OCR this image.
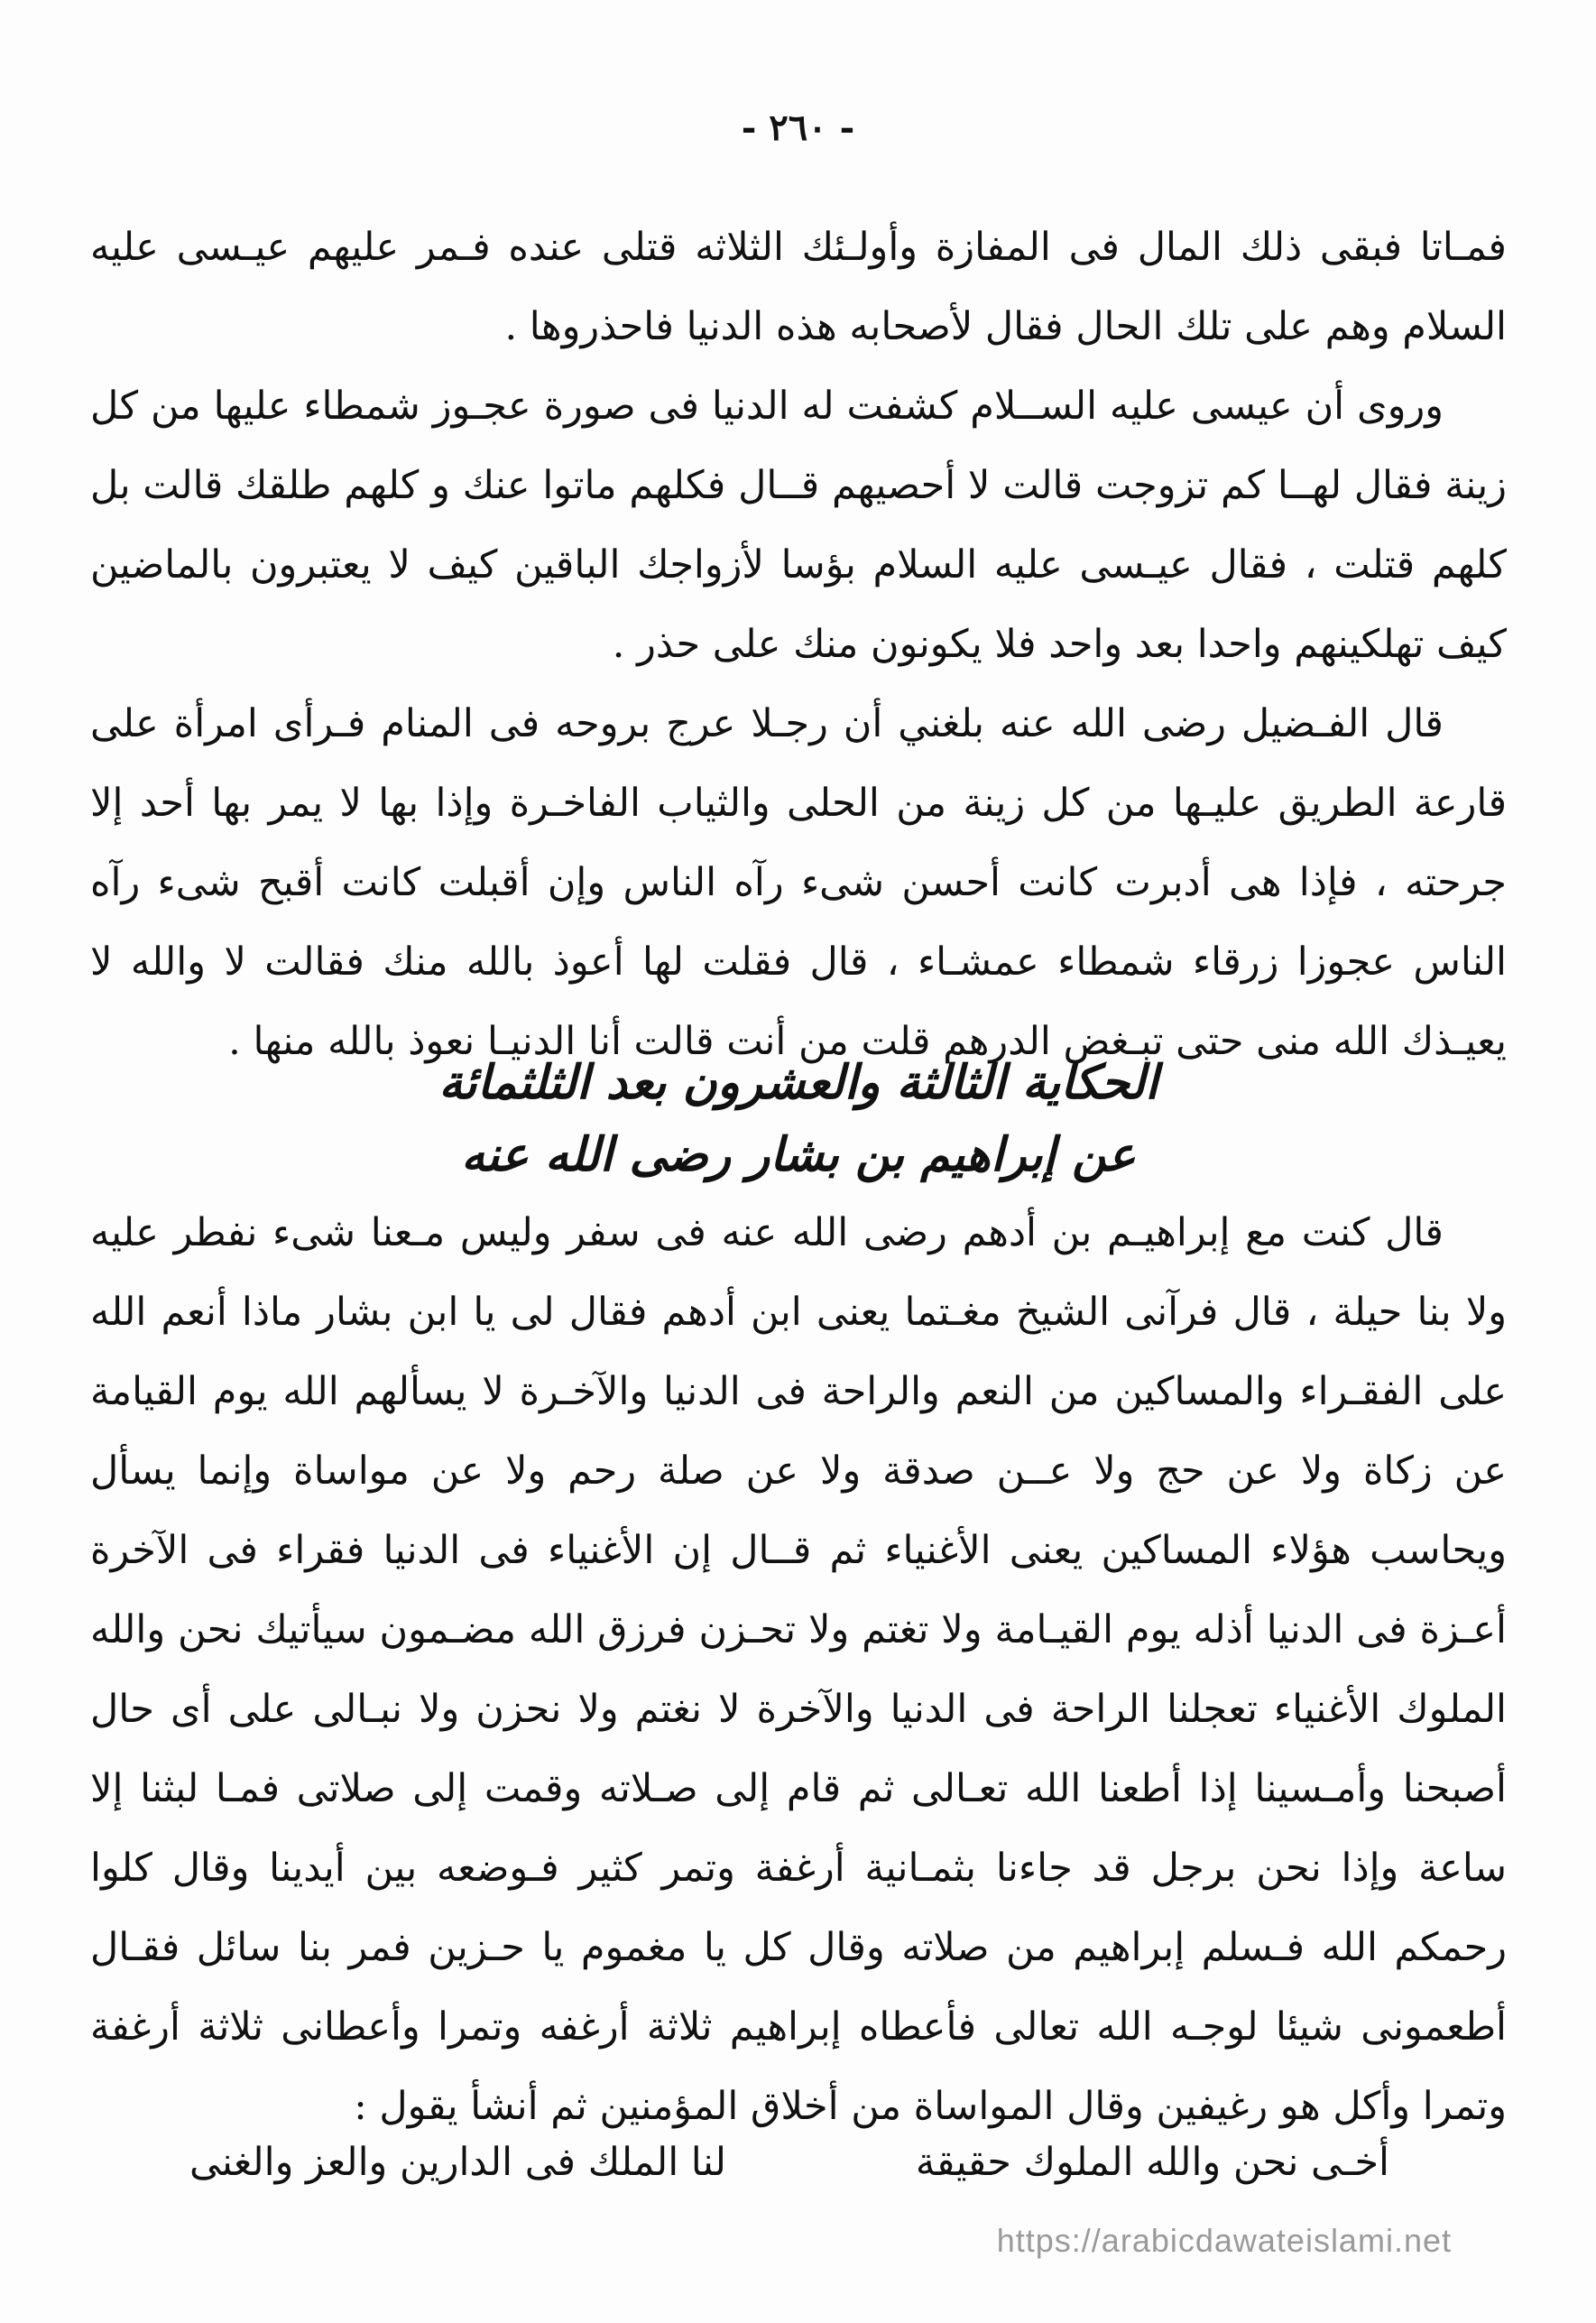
- ٢٦٠ -

فمـاتا فبقى ذلك المال فى المفازة وأولـئك الثلاثه قتلى عنده فـمر عليهم عيـسى عليه السلام وهم على تلك الحال فقال لأصحابه هذه الدنيا فاحذروها .

وروى أن عيسى عليه الســلام كشفت له الدنيا فى صورة عجـوز شمطاء عليها من كل زينة فقال لهــا كم تزوجت قالت لا أحصيهم قــال فكلهم ماتوا عنك و كلهم طلقك قالت بل كلهم قتلت ، فقال عيـسى عليه السلام بؤسا لأزواجك الباقين كيف لا يعتبرون بالماضين كيف تهلكينهم واحدا بعد واحد فلا يكونون منك على حذر .

قال الفـضيل رضى الله عنه بلغني أن رجـلا عرج بروحه فى المنام فـرأى امرأة على قارعة الطريق عليـها من كل زينة من الحلى والثياب الفاخـرة وإذا بها لا يمر بها أحد إلا جرحته ، فإذا هى أدبرت كانت أحسن شىء رآه الناس وإن أقبلت كانت أقبح شىء رآه الناس عجوزا زرقاء شمطاء عمشـاء ، قال فقلت لها أعوذ بالله منك فقالت لا والله لا يعيـذك الله منى حتى تبـغض الدرهم قلت من أنت قالت أنا الدنيـا نعوذ بالله منها .

الحكاية الثالثة والعشرون بعد الثلثمائة
عن إبراهيم بن بشار رضى الله عنه

قال كنت مع إبراهيـم بن أدهم رضى الله عنه فى سفر وليس مـعنا شىء نفطر عليه ولا بنا حيلة ، قال فرآنى الشيخ مغـتما يعنى ابن أدهم فقال لى يا ابن بشار ماذا أنعم الله على الفقـراء والمساكين من النعم والراحة فى الدنيا والآخـرة لا يسألهم الله يوم القيامة عن زكاة ولا عن حج ولا عــن صدقة ولا عن صلة رحم ولا عن مواساة وإنما يسأل ويحاسب هؤلاء المساكين يعنى الأغنياء ثم قــال إن الأغنياء فى الدنيا فقراء فى الآخرة أعـزة فى الدنيا أذله يوم القيـامة ولا تغتم ولا تحـزن فرزق الله مضـمون سيأتيك نحن والله الملوك الأغنياء تعجلنا الراحة فى الدنيا والآخرة لا نغتم ولا نحزن ولا نبـالى على أى حال أصبحنا وأمـسينا إذا أطعنا الله تعـالى ثم قام إلى صـلاته وقمت إلى صلاتى فمـا لبثنا إلا ساعة وإذا نحن برجل قد جاءنا بثمـانية أرغفة وتمر كثير فـوضعه بين أيدينا وقال كلوا رحمكم الله فـسلم إبراهيم من صلاته وقال كل يا مغموم يا حـزين فمر بنا سائل فقـال أطعمونى شيئا لوجـه الله تعالى فأعطاه إبراهيم ثلاثة أرغفه وتمرا وأعطانى ثلاثة أرغفة وتمرا وأكل هو رغيفين وقال المواساة من أخلاق المؤمنين ثم أنشأ يقول :

أخـى نحن والله الملوك حقيقة
لنا الملك فى الدارين والعز والغنى
https://arabicdawateislami.net
